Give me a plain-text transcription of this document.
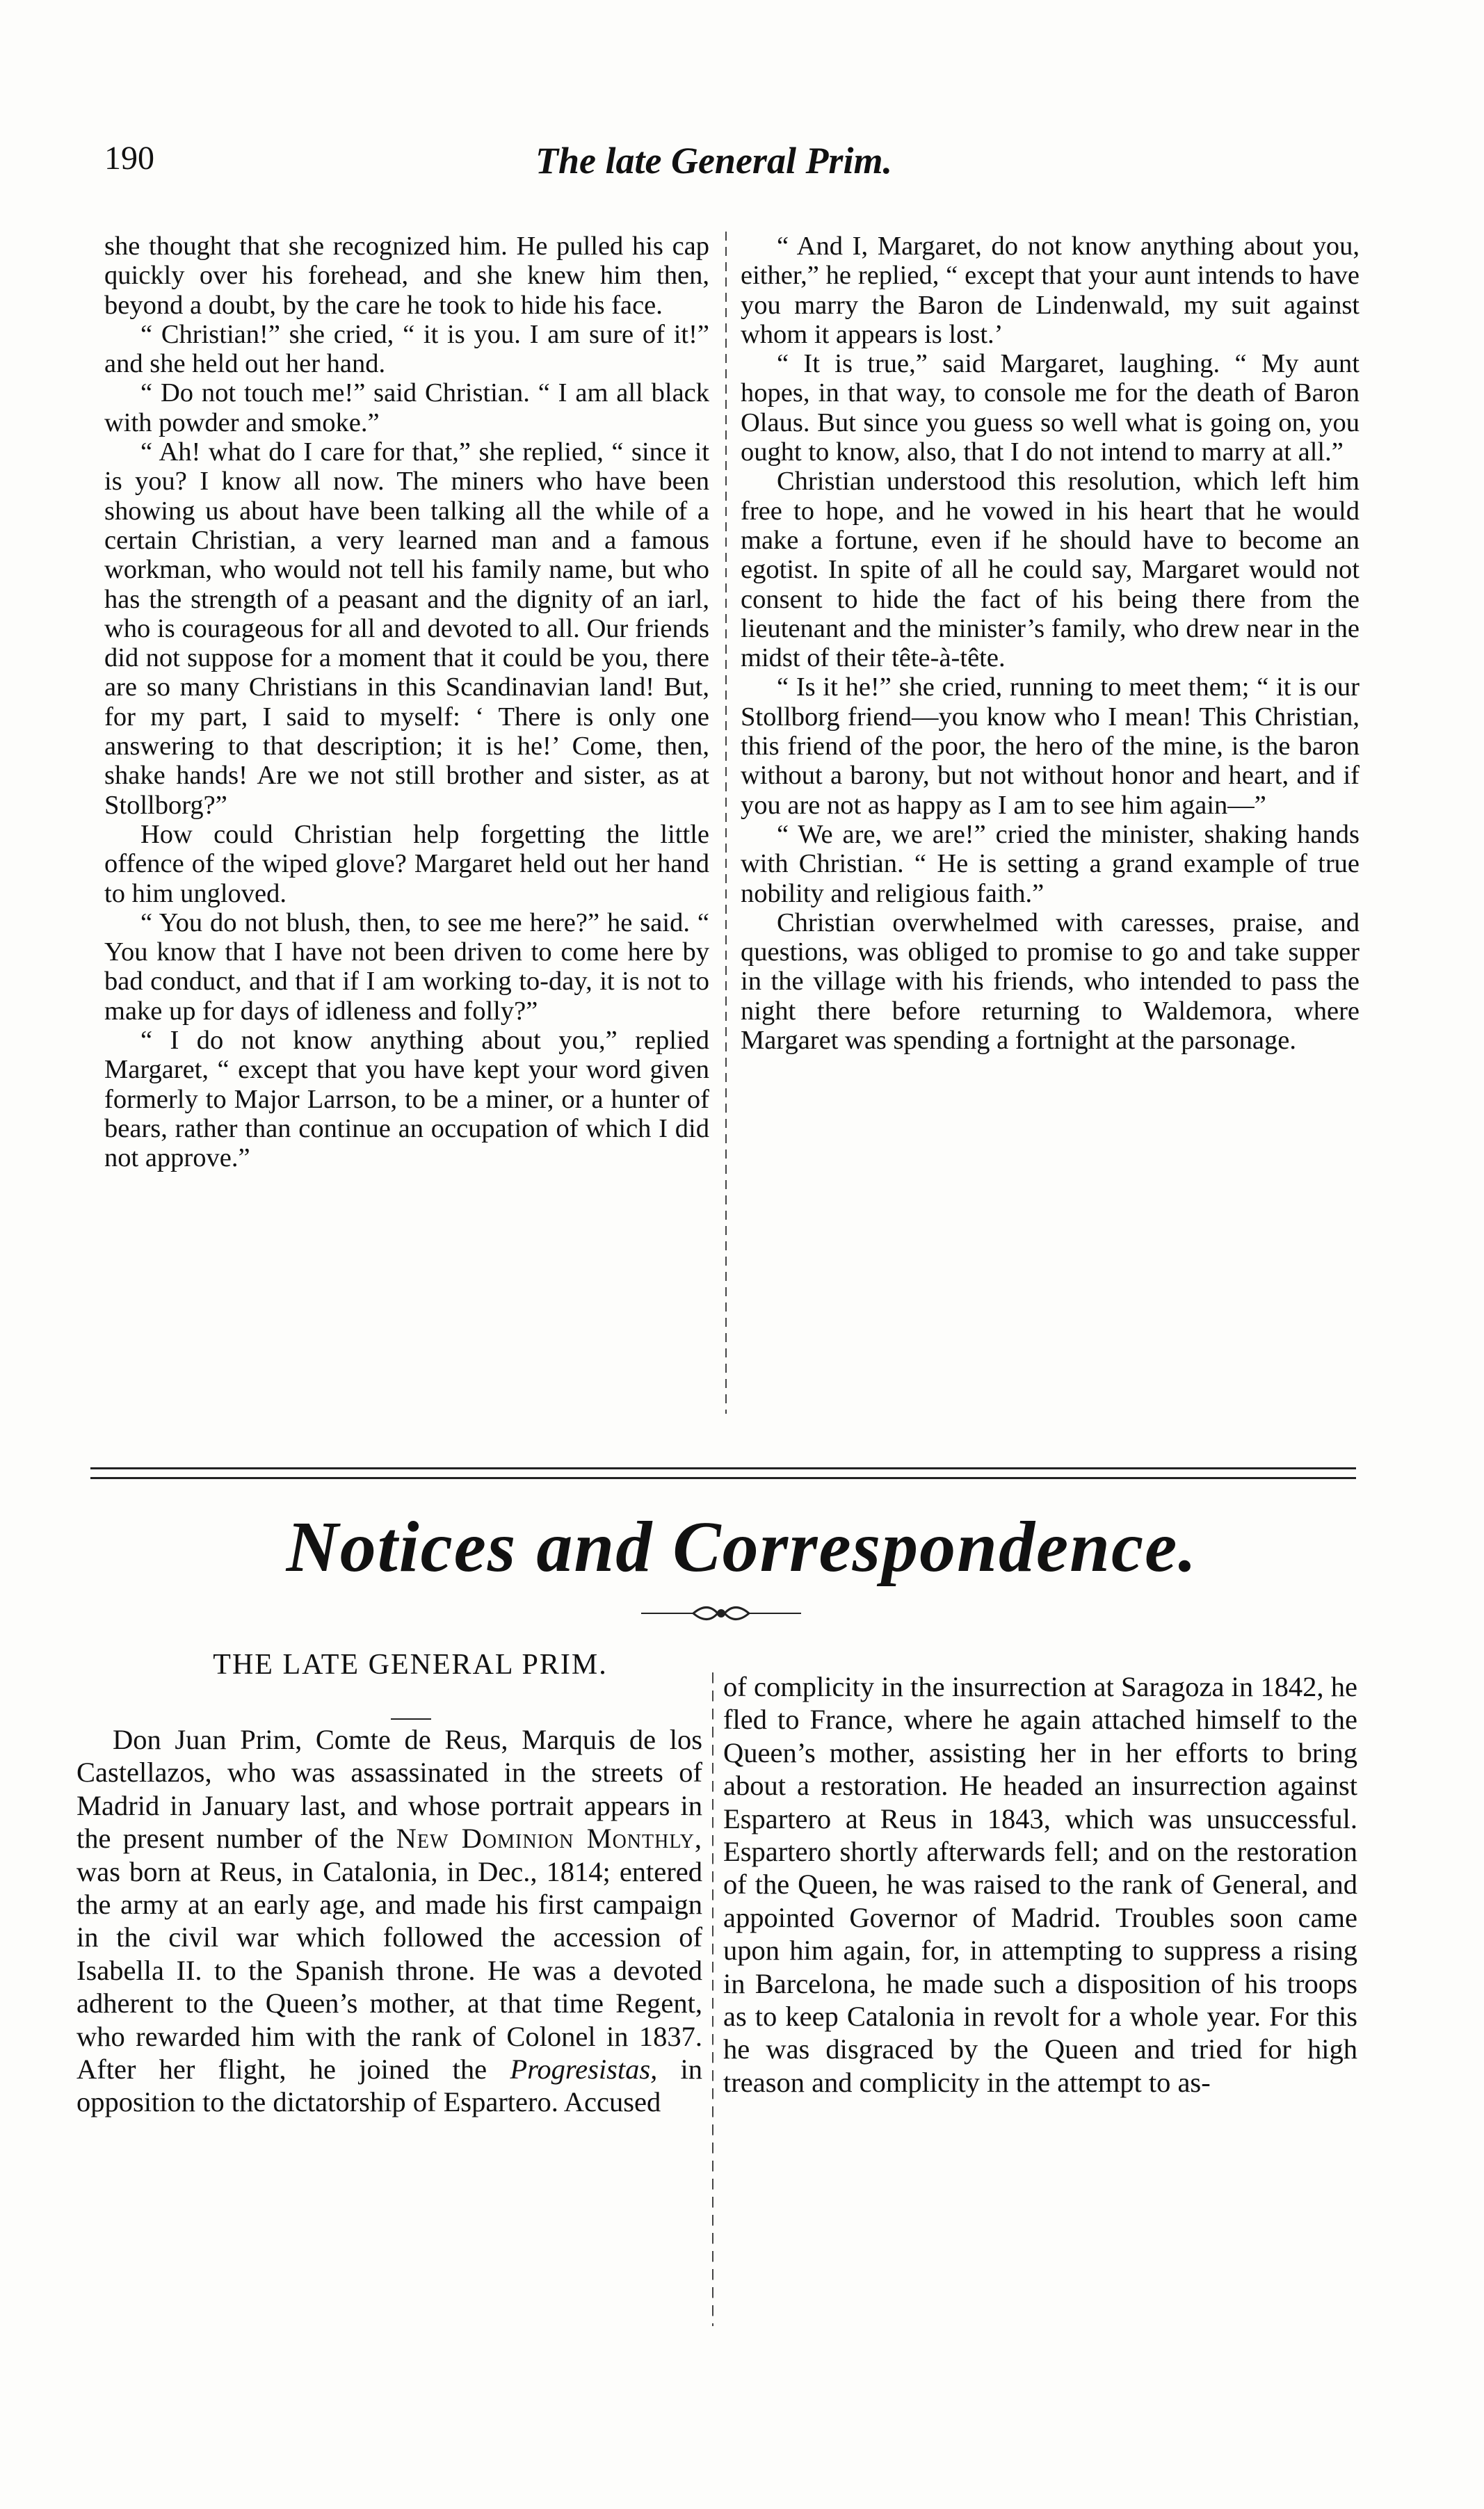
190	The late General Prim.

she thought that she recognized him. He pulled his cap quickly over his forehead, and she knew him then, beyond a doubt, by the care he took to hide his face.

“ Christian!” she cried, “ it is you. I am sure of it!” and she held out her hand.

“ Do not touch me!” said Christian. “ I am all black with powder and smoke.”

“ Ah! what do I care for that,” she replied, “ since it is you? I know all now. The miners who have been showing us about have been talking all the while of a certain Christian, a very learned man and a famous workman, who would not tell his family name, but who has the strength of a peasant and the dignity of an iarl, who is courageous for all and devoted to all. Our friends did not suppose for a moment that it could be you, there are so many Christians in this Scandinavian land! But, for my part, I said to myself: ‘ There is only one answering to that description; it is he!’ Come, then, shake hands! Are we not still brother and sister, as at Stollborg?”

How could Christian help forgetting the little offence of the wiped glove? Margaret held out her hand to him ungloved.

“ You do not blush, then, to see me here?” he said. “ You know that I have not been driven to come here by bad conduct, and that if I am working to-day, it is not to make up for days of idleness and folly?”

“ I do not know anything about you,” replied Margaret, “ except that you have kept your word given formerly to Major Larrson, to be a miner, or a hunter of bears, rather than continue an occupation of which I did not approve.”

“ And I, Margaret, do not know anything about you, either,” he replied, “ except that your aunt intends to have you marry the Baron de Lindenwald, my suit against whom it appears is lost.’

“ It is true,” said Margaret, laughing. “ My aunt hopes, in that way, to console me for the death of Baron Olaus. But since you guess so well what is going on, you ought to know, also, that I do not intend to marry at all.”

Christian understood this resolution, which left him free to hope, and he vowed in his heart that he would make a fortune, even if he should have to become an egotist. In spite of all he could say, Margaret would not consent to hide the fact of his being there from the lieutenant and the minister’s family, who drew near in the midst of their tête-à-tête.

“ Is it he!” she cried, running to meet them; “ it is our Stollborg friend—you know who I mean! This Christian, this friend of the poor, the hero of the mine, is the baron without a barony, but not without honor and heart, and if you are not as happy as I am to see him again—”

“ We are, we are!” cried the minister, shaking hands with Christian. “ He is setting a grand example of true nobility and religious faith.”

Christian overwhelmed with caresses, praise, and questions, was obliged to promise to go and take supper in the village with his friends, who intended to pass the night there before returning to Waldemora, where Margaret was spending a fortnight at the parsonage.

Notices and Correspondence.
THE LATE GENERAL PRIM.

Don Juan Prim, Comte de Reus, Marquis de los Castellazos, who was assassinated in the streets of Madrid in January last, and whose portrait appears in the present number of the New Dominion Monthly, was born at Reus, in Catalonia, in Dec., 1814; entered the army at an early age, and made his first campaign in the civil war which followed the accession of Isabella II. to the Spanish throne. He was a devoted adherent to the Queen’s mother, at that time Regent, who rewarded him with the rank of Colonel in 1837. After her flight, he joined the Progresistas, in opposition to the dictatorship of Espartero. Accused

of complicity in the insurrection at Saragoza in 1842, he fled to France, where he again attached himself to the Queen’s mother, assisting her in her efforts to bring about a restoration. He headed an insurrection against Espartero at Reus in 1843, which was unsuccessful. Espartero shortly afterwards fell; and on the restoration of the Queen, he was raised to the rank of General, and appointed Governor of Madrid. Troubles soon came upon him again, for, in attempting to suppress a rising in Barcelona, he made such a disposition of his troops as to keep Catalonia in revolt for a whole year. For this he was disgraced by the Queen and tried for high treason and complicity in the attempt to as-
